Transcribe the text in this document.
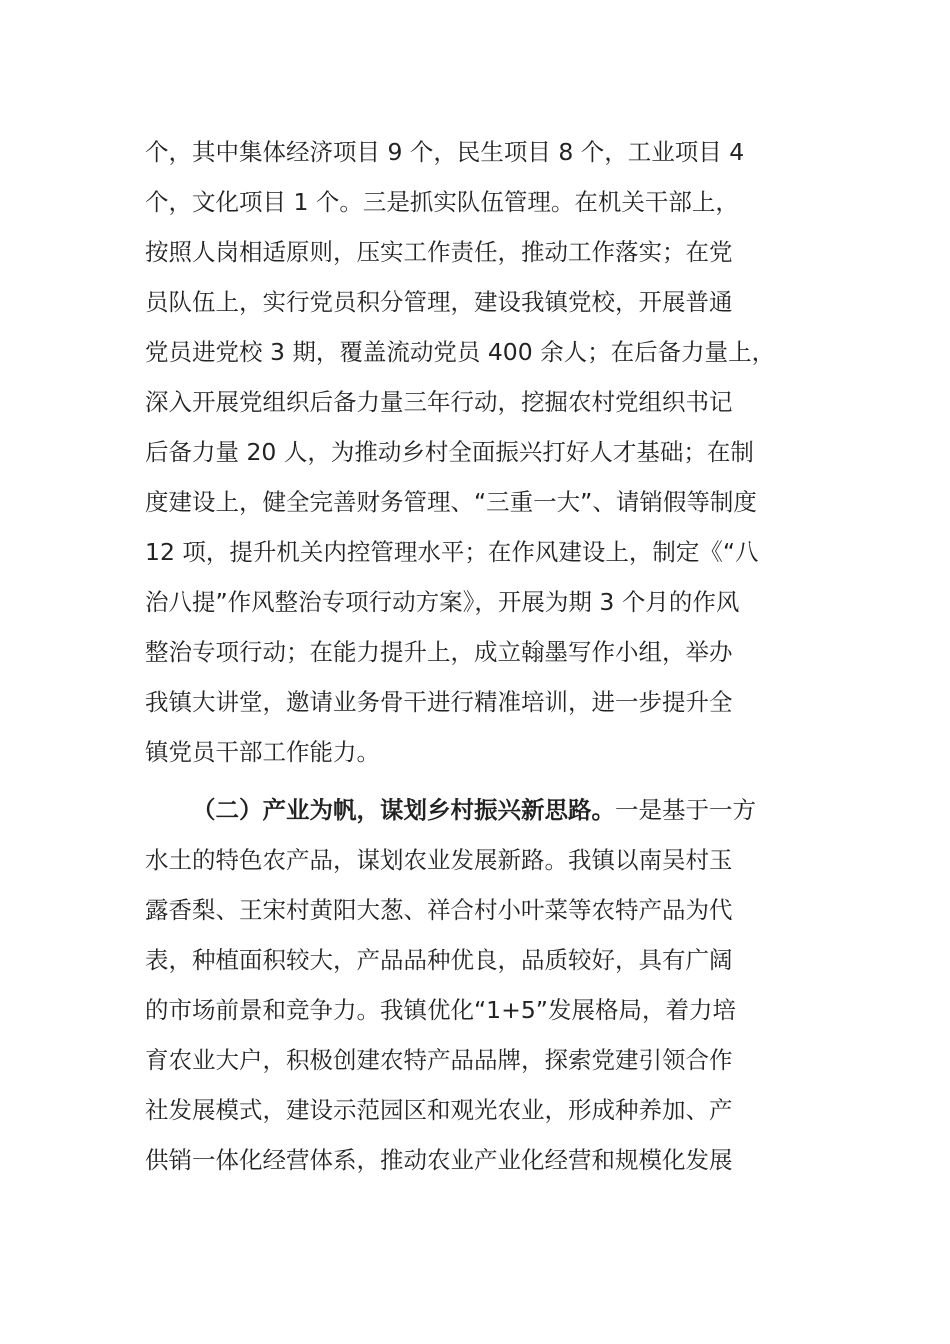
个，其中集体经济项目 9 个，民生项目 8 个，工业项目 4
个，文化项目 1 个。三是抓实队伍管理。在机关干部上，
按照人岗相适原则，压实工作责任，推动工作落实；在党
员队伍上，实行党员积分管理，建设我镇党校，开展普通
党员进党校 3 期，覆盖流动党员 400 余人；在后备力量上，
深入开展党组织后备力量三年行动，挖掘农村党组织书记
后备力量 20 人，为推动乡村全面振兴打好人才基础；在制
度建设上，健全完善财务管理、“三重一大”、请销假等制度
12 项，提升机关内控管理水平；在作风建设上，制定《“八
治八提”作风整治专项行动方案》，开展为期 3 个月的作风
整治专项行动；在能力提升上，成立翰墨写作小组，举办
我镇大讲堂，邀请业务骨干进行精准培训，进一步提升全
镇党员干部工作能力。
（二）产业为帆，谋划乡村振兴新思路。一是基于一方
水土的特色农产品，谋划农业发展新路。我镇以南吴村玉
露香梨、王宋村黄阳大葱、祥合村小叶菜等农特产品为代
表，种植面积较大，产品品种优良，品质较好，具有广阔
的市场前景和竞争力。我镇优化“1+5”发展格局，着力培
育农业大户，积极创建农特产品品牌，探索党建引领合作
社发展模式，建设示范园区和观光农业，形成种养加、产
供销一体化经营体系，推动农业产业化经营和规模化发展
